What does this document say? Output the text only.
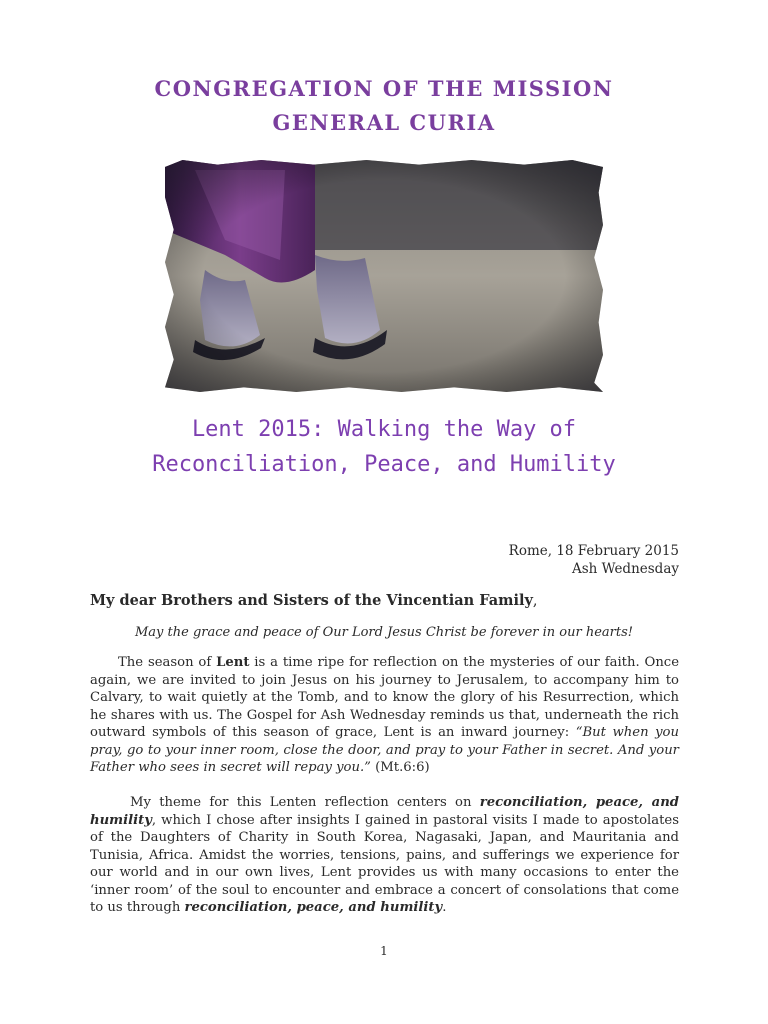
CONGREGATION OF THE MISSION
GENERAL CURIA
Lent 2015: Walking the Way of
Reconciliation, Peace, and Humility
Rome, 18 February 2015
Ash Wednesday
My dear Brothers and Sisters of the Vincentian Family,
May the grace and peace of Our Lord Jesus Christ be forever in our hearts!
The season of Lent is a time ripe for reflection on the mysteries of our faith. Once again, we are invited to join Jesus on his journey to Jerusalem, to accompany him to Calvary, to wait quietly at the Tomb, and to know the glory of his Resurrection, which he shares with us. The Gospel for Ash Wednesday reminds us that, underneath the rich outward symbols of this season of grace, Lent is an inward journey: “But when you pray, go to your inner room, close the door, and pray to your Father in secret. And your Father who sees in secret will repay you.” (Mt.6:6)
My theme for this Lenten reflection centers on reconciliation, peace, and humility, which I chose after insights I gained in pastoral visits I made to apostolates of the Daughters of Charity in South Korea, Nagasaki, Japan, and Mauritania and Tunisia, Africa. Amidst the worries, tensions, pains, and sufferings we experience for our world and in our own lives, Lent provides us with many occasions to enter the ‘inner room’ of the soul to encounter and embrace a concert of consolations that come to us through reconciliation, peace, and humility.
1
